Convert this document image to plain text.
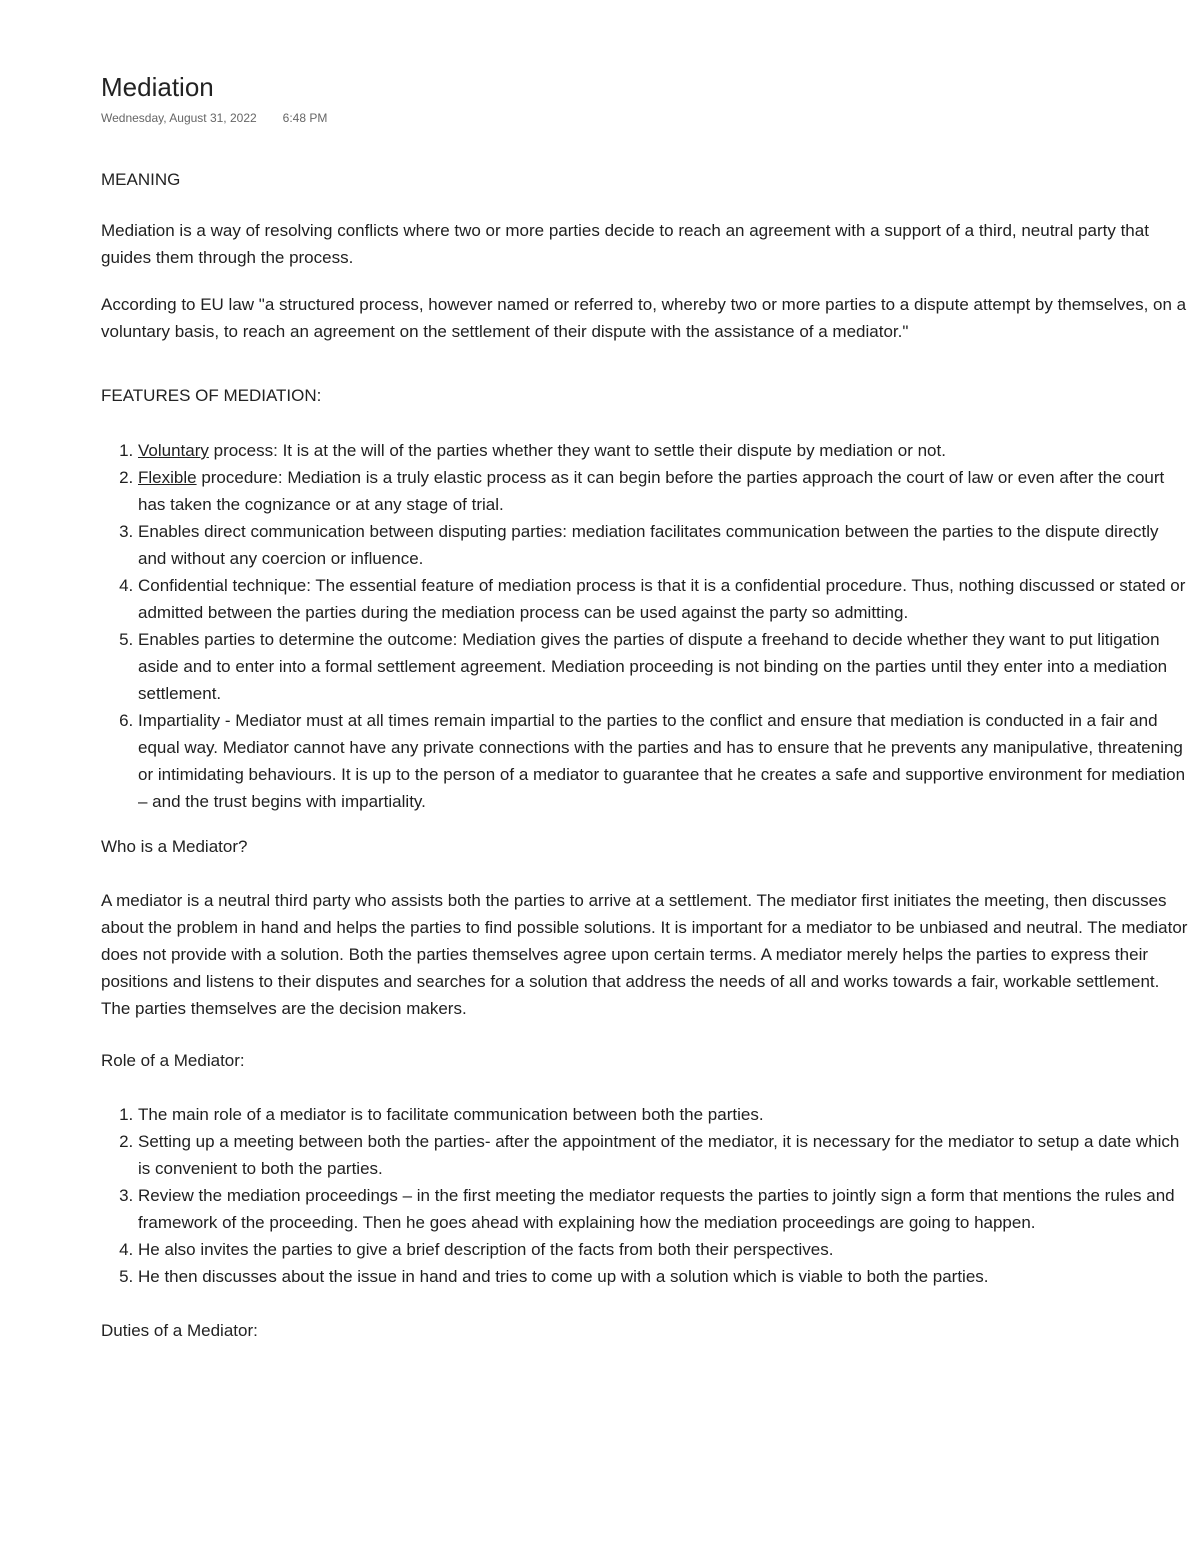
Mediation
Wednesday, August 31, 2022 6:48 PM

MEANING

Mediation is a way of resolving conflicts where two or more parties decide to reach an agreement with a support of a third, neutral party that guides them through the process.

According to EU law "a structured process, however named or referred to, whereby two or more parties to a dispute attempt by themselves, on a voluntary basis, to reach an agreement on the settlement of their dispute with the assistance of a mediator."

FEATURES OF MEDIATION:

1. Voluntary process: It is at the will of the parties whether they want to settle their dispute by mediation or not.
2. Flexible procedure: Mediation is a truly elastic process as it can begin before the parties approach the court of law or even after the court has taken the cognizance or at any stage of trial.
3. Enables direct communication between disputing parties: mediation facilitates communication between the parties to the dispute directly and without any coercion or influence.
4. Confidential technique: The essential feature of mediation process is that it is a confidential procedure. Thus, nothing discussed or stated or admitted between the parties during the mediation process can be used against the party so admitting.
5. Enables parties to determine the outcome: Mediation gives the parties of dispute a freehand to decide whether they want to put litigation aside and to enter into a formal settlement agreement. Mediation proceeding is not binding on the parties until they enter into a mediation settlement.
6. Impartiality - Mediator must at all times remain impartial to the parties to the conflict and ensure that mediation is conducted in a fair and equal way. Mediator cannot have any private connections with the parties and has to ensure that he prevents any manipulative, threatening or intimidating behaviours. It is up to the person of a mediator to guarantee that he creates a safe and supportive environment for mediation – and the trust begins with impartiality.

Who is a Mediator?

A mediator is a neutral third party who assists both the parties to arrive at a settlement. The mediator first initiates the meeting, then discusses about the problem in hand and helps the parties to find possible solutions. It is important for a mediator to be unbiased and neutral. The mediator does not provide with a solution. Both the parties themselves agree upon certain terms. A mediator merely helps the parties to express their positions and listens to their disputes and searches for a solution that address the needs of all and works towards a fair, workable settlement. The parties themselves are the decision makers.

Role of a Mediator:

1. The main role of a mediator is to facilitate communication between both the parties.
2. Setting up a meeting between both the parties- after the appointment of the mediator, it is necessary for the mediator to setup a date which is convenient to both the parties.
3. Review the mediation proceedings – in the first meeting the mediator requests the parties to jointly sign a form that mentions the rules and framework of the proceeding. Then he goes ahead with explaining how the mediation proceedings are going to happen.
4. He also invites the parties to give a brief description of the facts from both their perspectives.
5. He then discusses about the issue in hand and tries to come up with a solution which is viable to both the parties.

Duties of a Mediator:
